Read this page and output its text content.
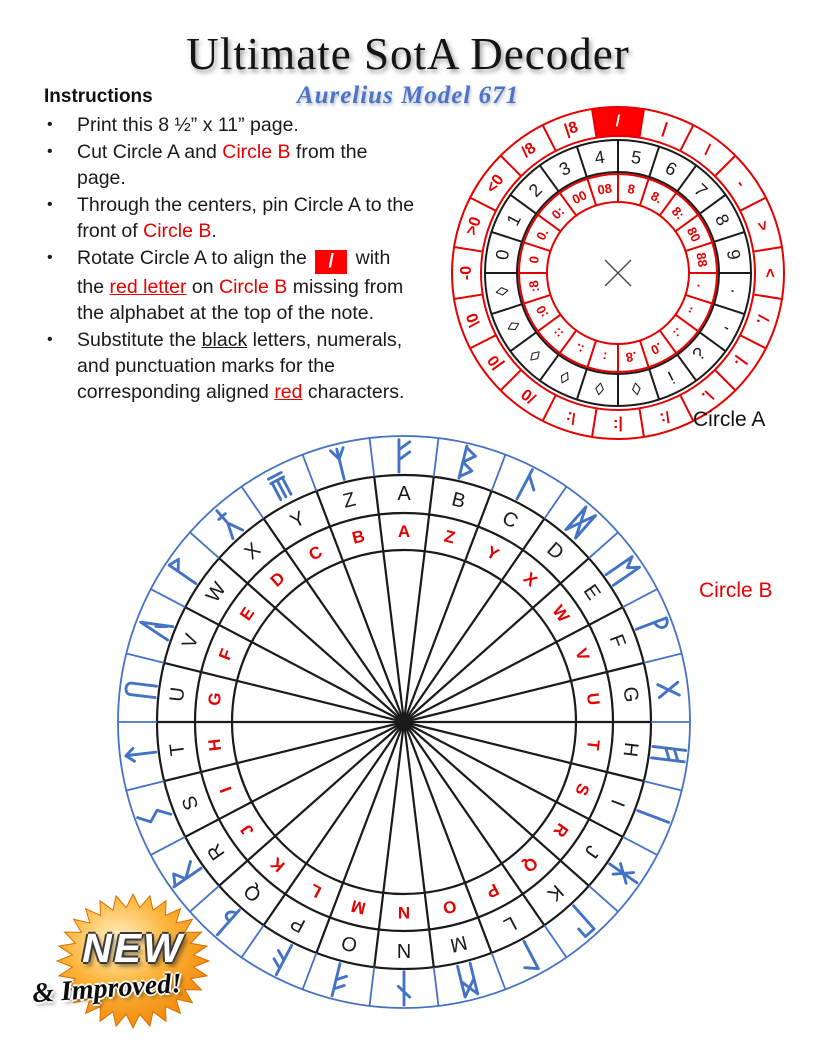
Ultimate SotA Decoder
Aurelius Model 671
Instructions
•	Print this 8 ½” x 11” page.
•	Cut Circle A and Circle B from the page.
•	Through the centers, pin Circle A to the front of Circle B.
•	Rotate Circle A to align the / with the red letter on Circle B missing from the alphabet at the top of the note.
•	Substitute the black letters, numerals, and punctuation marks for the corresponding aligned red characters.
/ |
\
-
>
<
/.
|.
\.
/:
|:
\:
/0
|0
\0
-0
>0
<0
/8
|8
0
1
2
3
4 5
6
7
8
9
·
'
¿
i
◊
◊
◊
◊
◊
◊
0
0.
0:
00 08 8 8.
8:
80
88
.
..
.:
.0
.8
:
:.
::
:0
:8
Circle A
A B
C
D
E
F
G
H
I
J
K
L
M
N
O
P
Q
R
S
T
U
V
W
X
Y
Z
A Z
Y
X
W
V
U
T
S
R
Q
P
O
N
M
L
K
J
I
H
G
F
E
D
C
B
Circle B
NEW
& Improved!
